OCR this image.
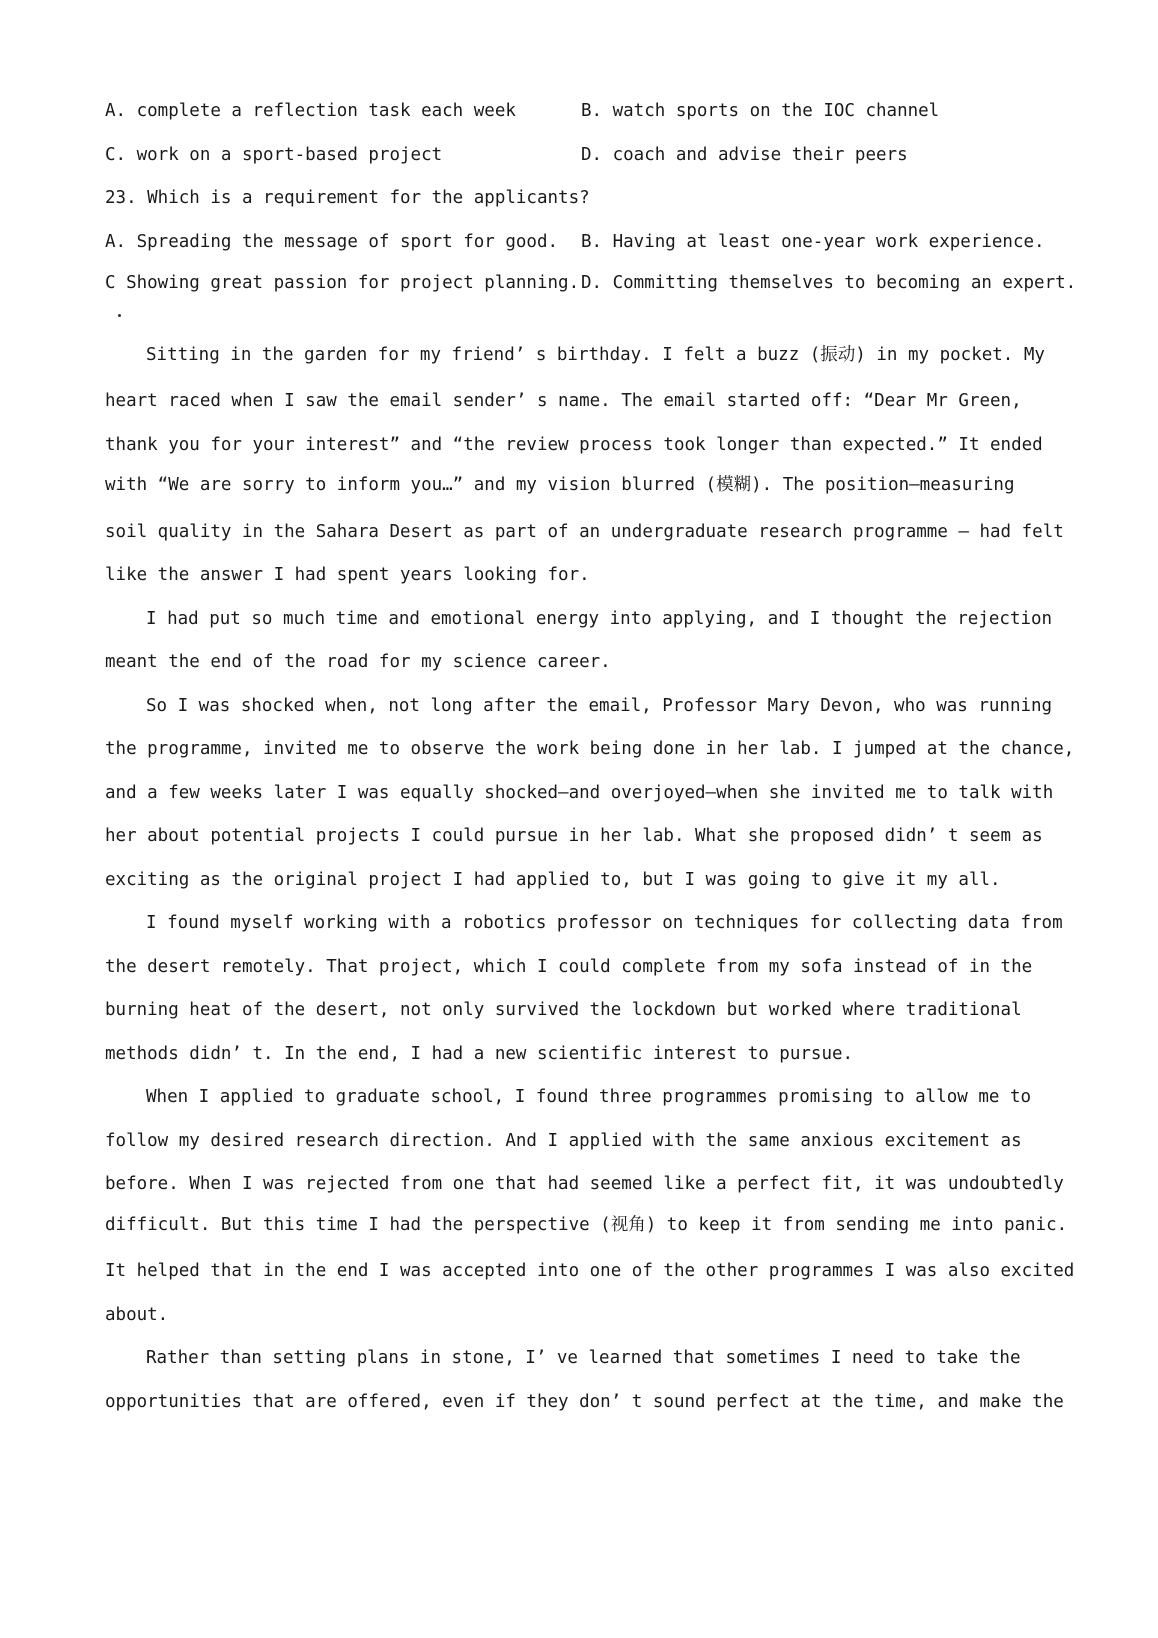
A. complete a reflection task each week	B. watch sports on the IOC channel
C. work on a sport-based project	D. coach and advise their peers
23. Which is a requirement for the applicants?
A. Spreading the message of sport for good. B. Having at least one-year work experience.
C Showing great passion for project planning. D. Committing themselves to becoming an expert.
Sitting in the garden for my friend’ s birthday. I felt a buzz (振动) in my pocket. My
heart raced when I saw the email sender’ s name. The email started off: “Dear Mr Green,
thank you for your interest” and “the review process took longer than expected.” It ended
with “We are sorry to inform you…” and my vision blurred (模糊). The position—measuring
soil quality in the Sahara Desert as part of an undergraduate research programme — had felt
like the answer I had spent years looking for.
I had put so much time and emotional energy into applying, and I thought the rejection
meant the end of the road for my science career.
So I was shocked when, not long after the email, Professor Mary Devon, who was running
the programme, invited me to observe the work being done in her lab. I jumped at the chance,
and a few weeks later I was equally shocked—and overjoyed—when she invited me to talk with
her about potential projects I could pursue in her lab. What she proposed didn’ t seem as
exciting as the original project I had applied to, but I was going to give it my all.
I found myself working with a robotics professor on techniques for collecting data from
the desert remotely. That project, which I could complete from my sofa instead of in the
burning heat of the desert, not only survived the lockdown but worked where traditional
methods didn’ t. In the end, I had a new scientific interest to pursue.
When I applied to graduate school, I found three programmes promising to allow me to
follow my desired research direction. And I applied with the same anxious excitement as
before. When I was rejected from one that had seemed like a perfect fit, it was undoubtedly
difficult. But this time I had the perspective (视角) to keep it from sending me into panic.
It helped that in the end I was accepted into one of the other programmes I was also excited
about.
Rather than setting plans in stone, I’ ve learned that sometimes I need to take the
opportunities that are offered, even if they don’ t sound perfect at the time, and make the
